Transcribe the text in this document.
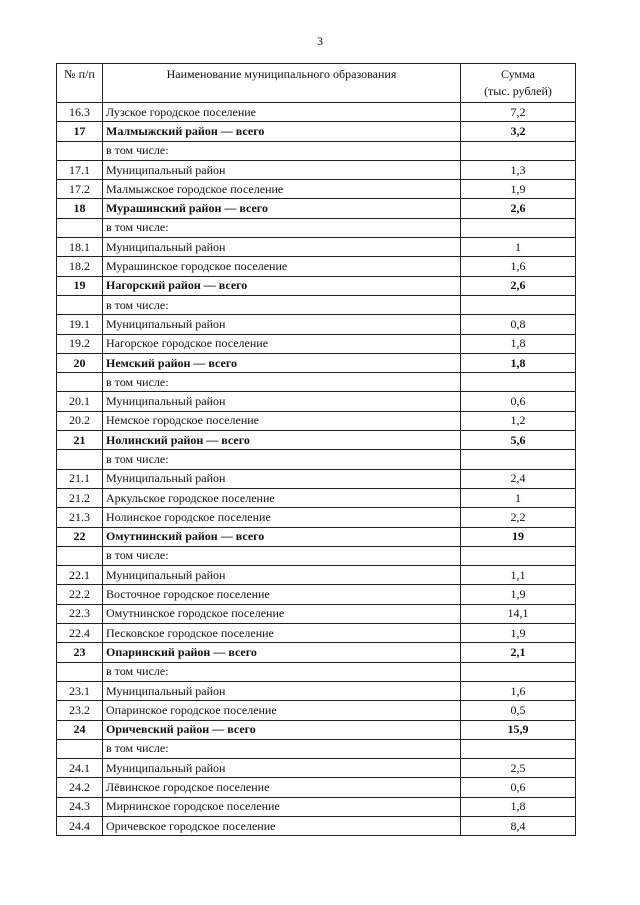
3
№ п/п	Наименование муниципального образования	Сумма
(тыс. рублей)
16.3	Лузское городское поселение	7,2
17	Малмыжский район — всего	3,2
	в том числе:	
17.1	Муниципальный район	1,3
17.2	Малмыжское городское поселение	1,9
18	Мурашинский район — всего	2,6
	в том числе:	
18.1	Муниципальный район	1
18.2	Мурашинское городское поселение	1,6
19	Нагорский район — всего	2,6
	в том числе:	
19.1	Муниципальный район	0,8
19.2	Нагорское городское поселение	1,8
20	Немский район — всего	1,8
	в том числе:	
20.1	Муниципальный район	0,6
20.2	Немское городское поселение	1,2
21	Нолинский район — всего	5,6
	в том числе:	
21.1	Муниципальный район	2,4
21.2	Аркульское городское поселение	1
21.3	Нолинское городское поселение	2,2
22	Омутнинский район — всего	19
	в том числе:	
22.1	Муниципальный район	1,1
22.2	Восточное городское поселение	1,9
22.3	Омутнинское городское поселение	14,1
22.4	Песковское городское поселение	1,9
23	Опаринский район — всего	2,1
	в том числе:	
23.1	Муниципальный район	1,6
23.2	Опаринское городское поселение	0,5
24	Оричевский район — всего	15,9
	в том числе:	
24.1	Муниципальный район	2,5
24.2	Лёвинское городское поселение	0,6
24.3	Мирнинское городское поселение	1,8
24.4	Оричевское городское поселение	8,4
